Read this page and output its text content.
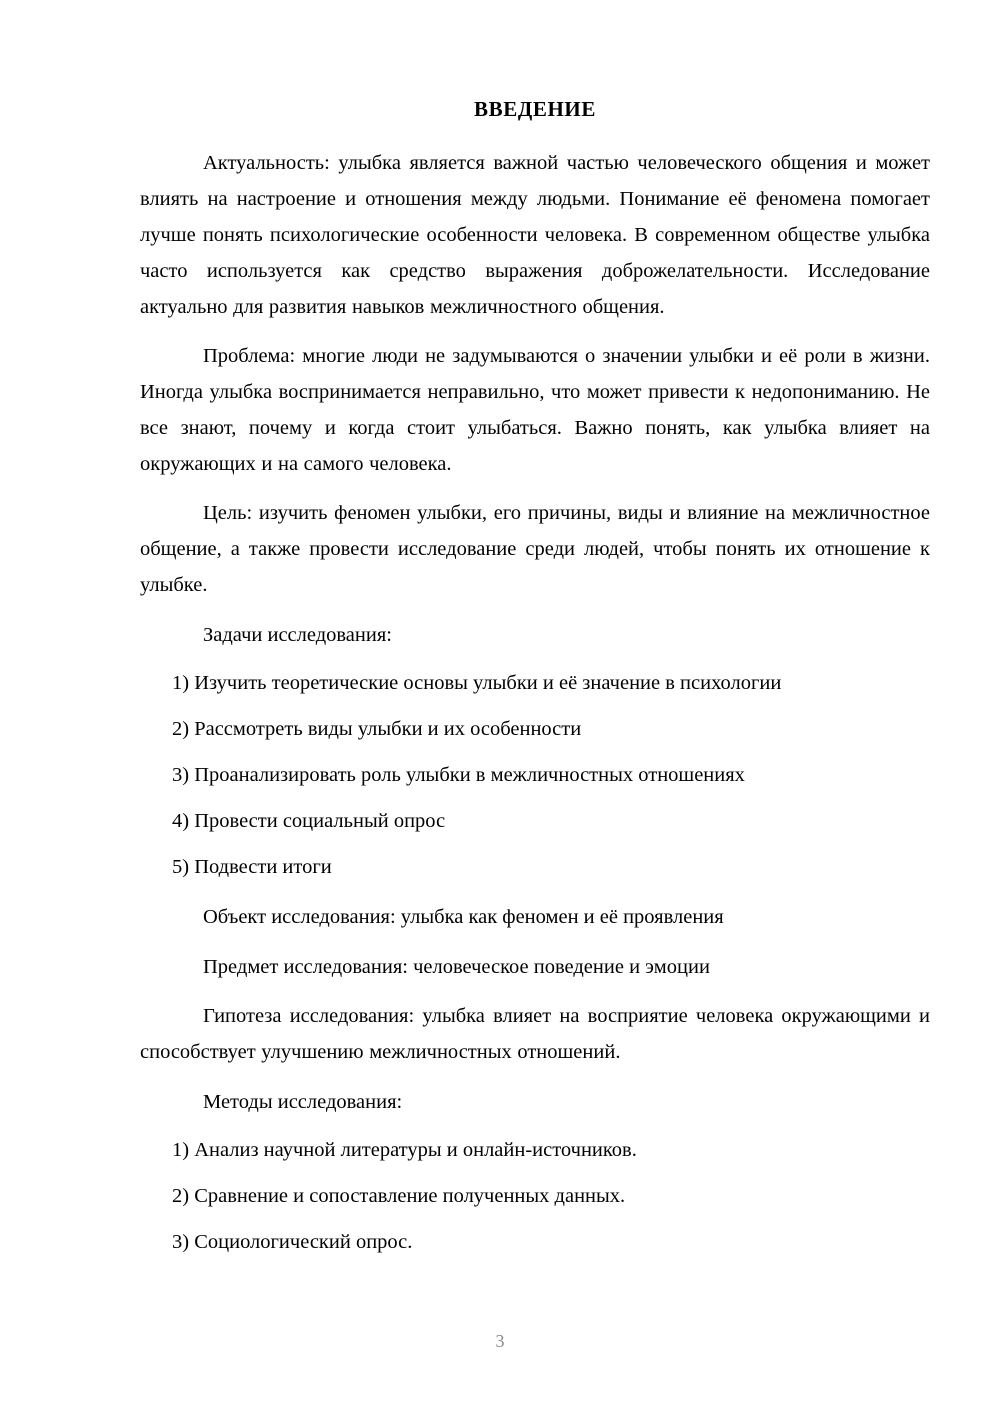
ВВЕДЕНИЕ

Актуальность: улыбка является важной частью человеческого общения и может влиять на настроение и отношения между людьми. Понимание её феномена помогает лучше понять психологические особенности человека. В современном обществе улыбка часто используется как средство выражения доброжелательности. Исследование актуально для развития навыков межличностного общения.

Проблема: многие люди не задумываются о значении улыбки и её роли в жизни. Иногда улыбка воспринимается неправильно, что может привести к недопониманию. Не все знают, почему и когда стоит улыбаться. Важно понять, как улыбка влияет на окружающих и на самого человека.

Цель: изучить феномен улыбки, его причины, виды и влияние на межличностное общение, а также провести исследование среди людей, чтобы понять их отношение к улыбке.

Задачи исследования:

1) Изучить теоретические основы улыбки и её значение в психологии
2) Рассмотреть виды улыбки и их особенности
3) Проанализировать роль улыбки в межличностных отношениях
4) Провести социальный опрос
5) Подвести итоги

Объект исследования: улыбка как феномен и её проявления

Предмет исследования: человеческое поведение и эмоции

Гипотеза исследования: улыбка влияет на восприятие человека окружающими и способствует улучшению межличностных отношений.

Методы исследования:

1) Анализ научной литературы и онлайн-источников.
2) Сравнение и сопоставление полученных данных.
3) Социологический опрос.
3
